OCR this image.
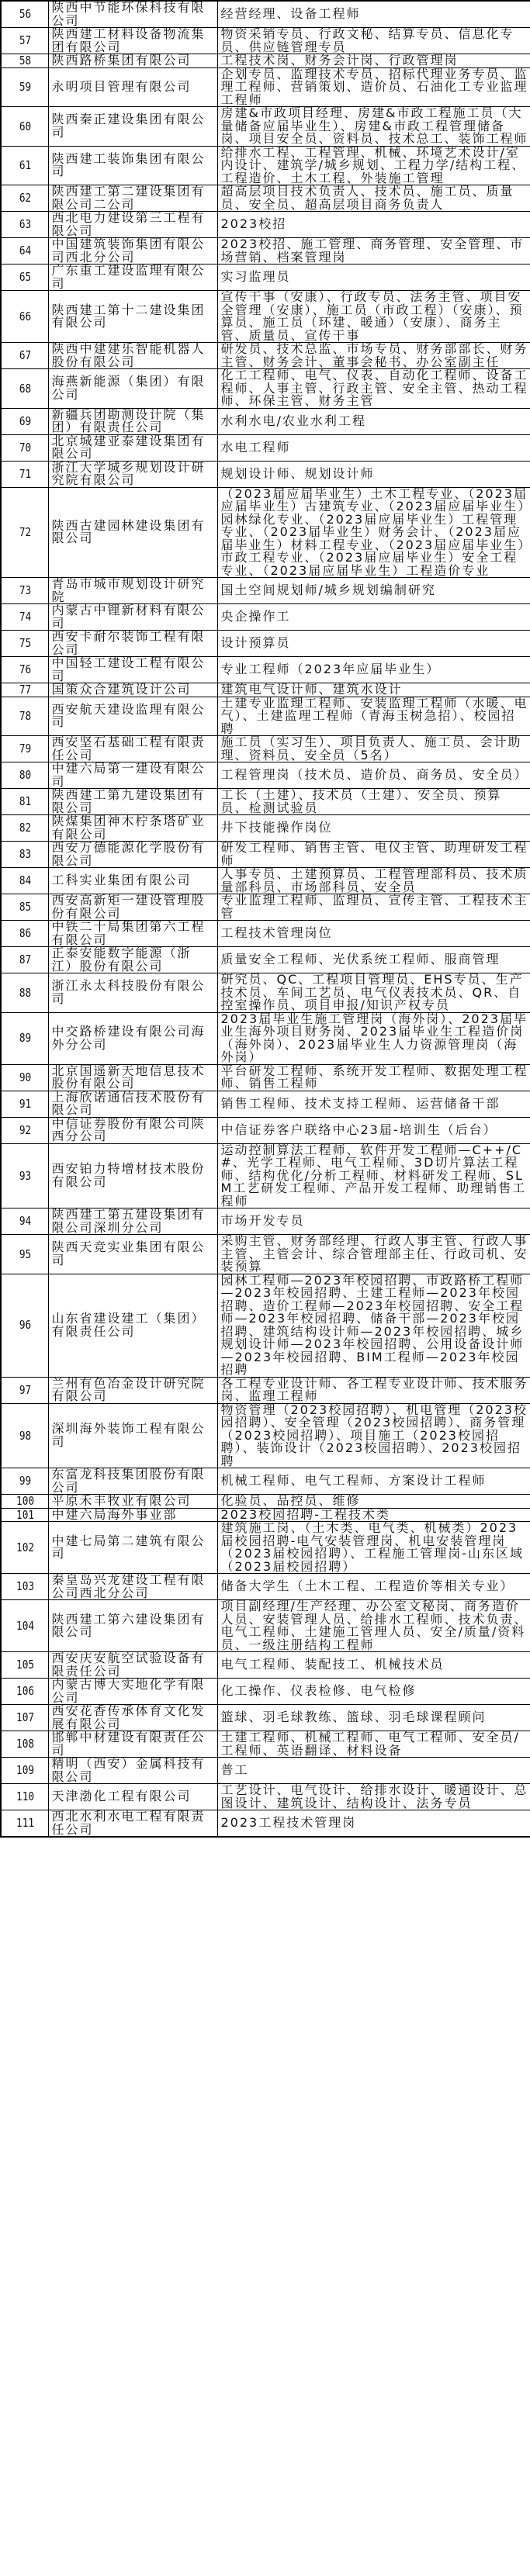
56	陕西中节能环保科技有限公司	经营经理、设备工程师
57	陕西建工材料设备物流集团有限公司	物资采销专员、行政文秘、结算专员、信息化专员、供应链管理专员
58	陕西路桥集团有限公司	工程技术岗、财务会计岗、行政管理岗
59	永明项目管理有限公司	企划专员、监理技术专员、招标代理业务专员、监理工程师、营销策划、造价员、石油化工专业监理工程师
60	陕西秦正建设集团有限公司	房建&市政项目经理、房建&市政工程施工员（大量储备应届毕业生）、房建&市政工程管理储备岗、项目安全员、资料员、技术总工、装饰工程师
61	陕西建工装饰集团有限公司	给排水工程、工程管理、机械、环境艺术设计/室内设计、建筑学/城乡规划、工程力学/结构工程、工程造价、土木工程、外装施工管理
62	陕西建工第二建设集团有限公司二公司	超高层项目技术负责人、技术员、施工员、质量员、安全员、超高层项目商务负责人
63	西北电力建设第三工程有限公司	2023校招
64	中国建筑装饰集团有限公司西北分公司	2023校招、施工管理、商务管理、安全管理、市场营销、档案管理岗
65	广东重工建设监理有限公司	实习监理员
66	陕西建工第十二建设集团有限公司	宣传干事（安康）、行政专员、法务主管、项目安全管理（安康）、施工员（市政工程）（安康）、预算员、施工员（环建、暖通）（安康）、商务主管、质量员、宣传干事
67	陕西中建建乐智能机器人股份有限公司	研发员、技术总监、市场专员、财务部部长、财务主管、财务会计、董事会秘书、办公室副主任
68	海燕新能源（集团）有限公司	化工工程师、电气、仪表、自动化工程师、设备工程师、人事主管、行政主管、安全主管、热动工程师、环保主管、财务主管
69	新疆兵团勘测设计院（集团）有限责任公司	水利水电/农业水利工程
70	北京城建亚泰建设集团有限公司	水电工程师
71	浙江大学城乡规划设计研究院有限公司	规划设计师、规划设计师
72	陕西古建园林建设集团有限公司	（2023届应届毕业生）土木工程专业、（2023届应届毕业生）古建筑专业、（2023届应届毕业生）园林绿化专业、（2023届应届毕业生）工程管理专业、（2023届毕业生）财务会计、（2023届应届毕业生）材料工程专业、（2023届应届毕业生）市政工程专业、（2023届应届毕业生）安全工程专业、（2023届应届毕业生）工程造价专业
73	青岛市城市规划设计研究院	国土空间规划师/城乡规划编制研究
74	内蒙古中锂新材料有限公司	央企操作工
75	西安卡耐尔装饰工程有限公司	设计预算员
76	中国轻工建设工程有限公司	专业工程师（2023年应届毕业生）
77	国策众合建筑设计公司	建筑电气设计师、建筑水设计
78	西安航天建设监理有限公司	土建专业监理工程师、安装监理工程师（水暖、电气）、土建监理工程师（青海玉树急招）、校园招聘
79	西安坚石基础工程有限责任公司	施工员（实习生）、项目负责人、施工员、会计助理、资料员、安全员（5名）
80	中建六局第一建设有限公司	工程管理岗（技术员、造价员、商务员、安全员）
81	陕西建工第九建设集团有限公司	工长（土建）、技术员（土建）、安全员、预算员、检测试验员
82	陕煤集团神木柠条塔矿业有限公司	井下技能操作岗位
83	西安万德能源化学股份有限公司	研发工程师、销售主管、电仪主管、助理研发工程师
84	工科实业集团有限公司	人事专员、土建预算员、工程管理部科员、技术质量部科员、市场部科员、安全员
85	西安高新矩一建设管理股份有限公司	专业监理工程师、监理员、宣传主管、工程技术主管
86	中铁二十局集团第六工程有限公司	工程技术管理岗位
87	正泰安能数字能源（浙江）股份有限公司	质量安全工程师、光伏系统工程师、服商管理
88	浙江永太科技股份有限公司	研究员、QC、工程项目管理员、EHS专员、生产技术员、车间工艺员、电气仪表技术员、QR、自控室操作员、项目申报/知识产权专员
89	中交路桥建设有限公司海外分公司	2023届毕业生施工管理岗（海外岗）、2023届毕业生海外项目财务岗、2023届毕业生工程造价岗（海外岗）、2023届毕业生人力资源管理岗（海外岗）
90	北京国遥新天地信息技术股份有限公司	平台研发工程师、系统开发工程师、数据处理工程师、销售工程师
91	上海欣诺通信技术股份有限公司	销售工程师、技术支持工程师、运营储备干部
92	中信证券股份有限公司陕西分公司	中信证券客户联络中心23届-培训生（后台）
93	西安铂力特增材技术股份有限公司	运动控制算法工程师、软件开发工程师—C++/C#、光学工程师、电气工程师、3D切片算法工程师、结构优化/分析工程师、材料研发工程师、SLM工艺研发工程师、产品开发工程师、助理销售工程师
94	陕西建工第五建设集团有限公司深圳分公司	市场开发专员
95	陕西天竞实业集团有限公司	采购主管、财务部经理、行政人事主管、行政人事主管、主管会计、综合管理部主任、行政司机、安装预算
96	山东省建设建工（集团）有限责任公司	园林工程师—2023年校园招聘、市政路桥工程师—2023年校园招聘、土建工程师—2023年校园招聘、造价工程师—2023年校园招聘、安全工程师—2023年校园招聘、储备干部—2023年校园招聘、建筑结构设计师—2023年校园招聘、城乡规划设计师—2023年校园招聘、公用设备设计师—2023年校园招聘、BIM工程师—2023年校园招聘
97	兰州有色冶金设计研究院有限公司	各工程专业设计师、各工程专业设计师、技术服务岗、监理工程师
98	深圳海外装饰工程有限公司	物资管理（2023校园招聘）、机电管理（2023校园招聘）、安全管理（2023校园招聘）、商务管理（2023校园招聘）、项目施工（2023校园招聘）、装饰设计（2023校园招聘）、2023校园招聘
99	东富龙科技集团股份有限公司	机械工程师、电气工程师、方案设计工程师
100	平原禾丰牧业有限公司	化验员、品控员、维修
101	中建六局海外事业部	2023校园招聘-工程技术类
102	中建七局第二建筑有限公司	建筑施工岗、（土木类、电气类、机械类）2023届校园招聘-电气安装管理岗、机电安装管理岗（2023届校园招聘）、工程施工管理岗-山东区域（2023届校园招聘）
103	秦皇岛兴龙建设工程有限公司西北分公司	储备大学生（土木工程、工程造价等相关专业）
104	陕西建工第六建设集团有限公司	项目副经理/生产经理、办公室文秘岗、商务造价人员、安装管理人员、给排水工程师、技术负责、电气工程师、土建施工管理人员、安全/质量/资料员、一级注册结构工程师
105	西安庆安航空试验设备有限责任公司	电气工程师、装配技工、机械技术员
106	内蒙古博大实地化学有限公司	化工操作、仪表检修、电气检修
107	西安花香传承体育文化发展有限公司	篮球、羽毛球教练、篮球、羽毛球课程顾问
108	邯郸中材建设有限责任公司	土建工程师、机械工程师、电气工程师、安全员/工程师、英语翻译、材料设备
109	精明（西安）金属科技有限公司	普工
110	天津渤化工程有限公司	工艺设计、电气设计、给排水设计、暖通设计、总图设计、建筑设计、结构设计、法务专员
111	西北水利水电工程有限责任公司	2023工程技术管理岗
